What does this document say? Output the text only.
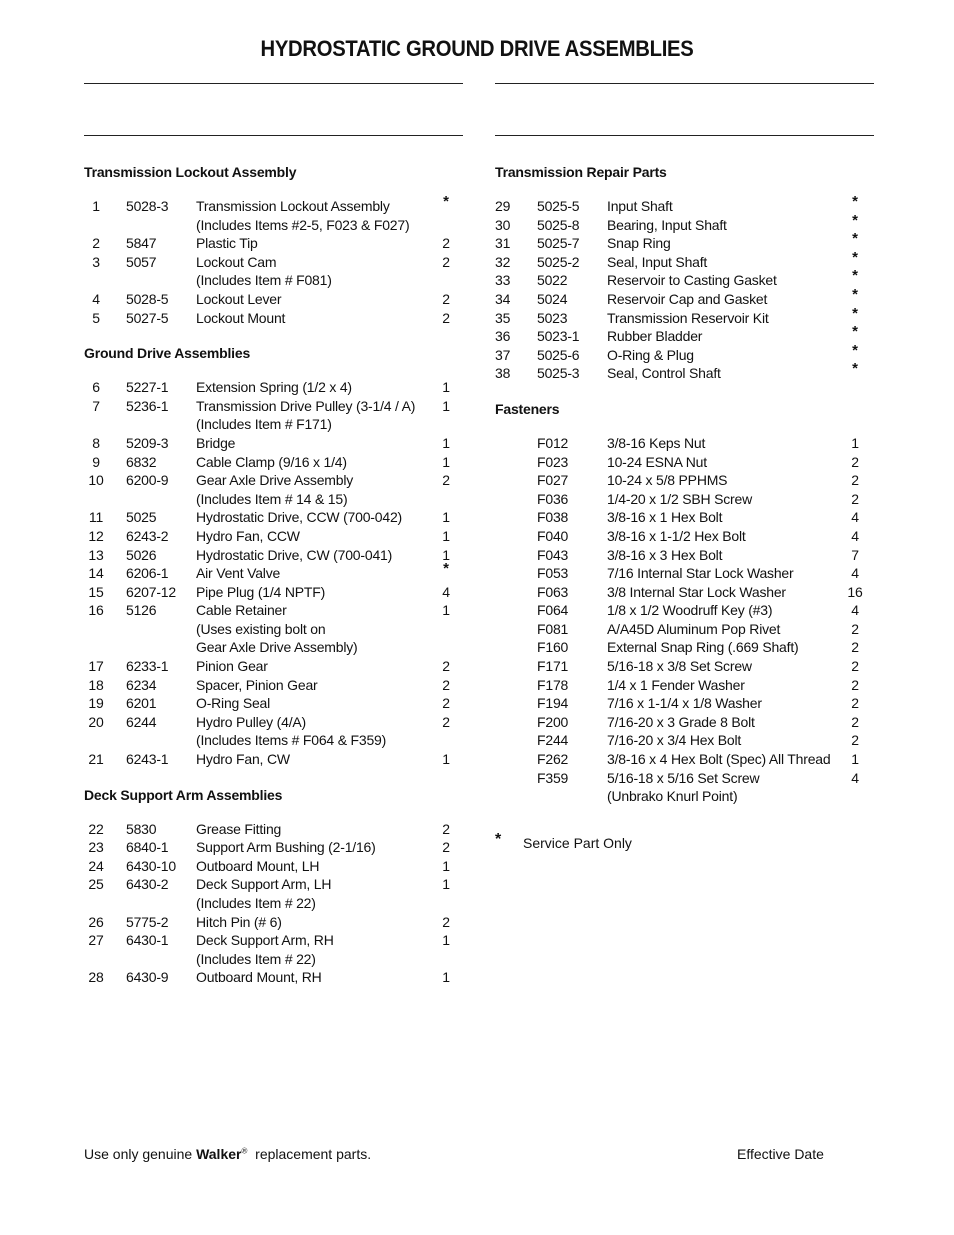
HYDROSTATIC GROUND DRIVE ASSEMBLIES
Transmission Lockout Assembly
1	5028-3 Transmission Lockout Assembly	*
(Includes Items #2-5, F023 & F027)
2	5847	Plastic Tip	2
3	5057	Lockout Cam	2
(Includes Item # F081)
4	5028-5 Lockout Lever	2
5	5027-5 Lockout Mount	2
Ground Drive Assemblies
6	5227-1 Extension Spring (1/2 x 4)	1
7	5236-1 Transmission Drive Pulley (3-1/4 / A)	1
(Includes Item # F171)
8	5209-3 Bridge	1
9	6832	Cable Clamp (9/16 x 1/4)	1
10	6200-9 Gear Axle Drive Assembly	2
(Includes Item # 14 & 15)
11	5025	Hydrostatic Drive, CCW (700-042)	1
12	6243-2 Hydro Fan, CCW	1
13	5026	Hydrostatic Drive, CW (700-041)	1
14	6206-1 Air Vent Valve	*
15	6207-12 Pipe Plug (1/4 NPTF)	4
16	5126	Cable Retainer	1
(Uses existing bolt on
Gear Axle Drive Assembly)
17	6233-1 Pinion Gear	2
18	6234	Spacer, Pinion Gear	2
19	6201	O-Ring Seal	2
20	6244	Hydro Pulley (4/A)	2
(Includes Items # F064 & F359)
21	6243-1 Hydro Fan, CW	1
Deck Support Arm Assemblies
22	5830	Grease Fitting	2
23	6840-1 Support Arm Bushing (2-1/16)	2
24	6430-10 Outboard Mount, LH	1
25	6430-2 Deck Support Arm, LH	1
(Includes Item # 22)
26	5775-2 Hitch Pin (# 6)	2
27	6430-1 Deck Support Arm, RH	1
(Includes Item # 22)
28	6430-9 Outboard Mount, RH	1
Transmission Repair Parts
29	5025-5 Input Shaft	*
30	5025-8 Bearing, Input Shaft	*
31	5025-7 Snap Ring	*
32	5025-2 Seal, Input Shaft	*
33	5022	Reservoir to Casting Gasket	*
34	5024	Reservoir Cap and Gasket	*
35	5023	Transmission Reservoir Kit	*
36	5023-1 Rubber Bladder	*
37	5025-6 O-Ring & Plug	*
38	5025-3 Seal, Control Shaft	*
Fasteners
F012	3/8-16 Keps Nut	1
F023	10-24 ESNA Nut	2
F027	10-24 x 5/8 PPHMS	2
F036	1/4-20 x 1/2 SBH Screw	2
F038	3/8-16 x 1 Hex Bolt	4
F040	3/8-16 x 1-1/2 Hex Bolt	4
F043	3/8-16 x 3 Hex Bolt	7
F053	7/16 Internal Star Lock Washer	4
F063	3/8 Internal Star Lock Washer	16
F064	1/8 x 1/2 Woodruff Key (#3)	4
F081	A/A45D Aluminum Pop Rivet	2
F160	External Snap Ring (.669 Shaft)	2
F171	5/16-18 x 3/8 Set Screw	2
F178	1/4 x 1 Fender Washer	2
F194	7/16 x 1-1/4 x 1/8 Washer	2
F200	7/16-20 x 3 Grade 8 Bolt	2
F244	7/16-20 x 3/4 Hex Bolt	2
F262	3/8-16 x 4 Hex Bolt (Spec) All Thread	1
F359	5/16-18 x 5/16 Set Screw	4
(Unbrako Knurl Point)
* Service Part Only
Use only genuine Walker® replacement parts.	Effective Date
